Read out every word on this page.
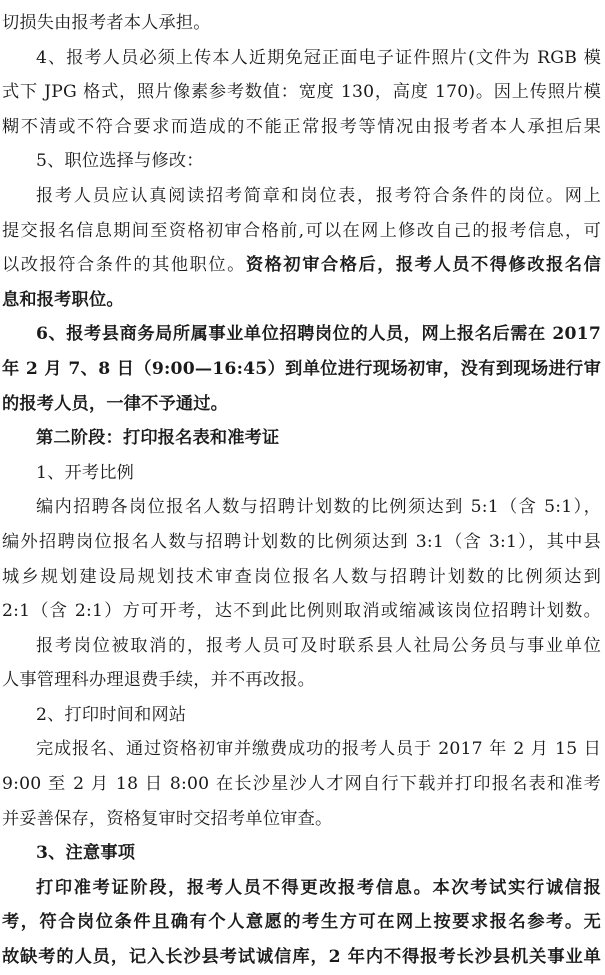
切损失由报考者本人承担。
4、报考人员必须上传本人近期免冠正面电子证件照片(文件为 RGB 模
式下 JPG 格式，照片像素参考数值：宽度 130，高度 170)。因上传照片模
糊不清或不符合要求而造成的不能正常报考等情况由报考者本人承担后果
5、职位选择与修改：
报考人员应认真阅读招考简章和岗位表，报考符合条件的岗位。网上
提交报名信息期间至资格初审合格前,可以在网上修改自己的报考信息，可
以改报符合条件的其他职位。资格初审合格后，报考人员不得修改报名信
息和报考职位。
6、报考县商务局所属事业单位招聘岗位的人员，网上报名后需在 2017
年 2 月 7、8 日（9:00—16:45）到单位进行现场初审，没有到现场进行审
的报考人员，一律不予通过。
第二阶段：打印报名表和准考证
1、开考比例
编内招聘各岗位报名人数与招聘计划数的比例须达到 5:1（含 5:1），
编外招聘岗位报名人数与招聘计划数的比例须达到 3:1（含 3:1），其中县
城乡规划建设局规划技术审查岗位报名人数与招聘计划数的比例须达到
2:1（含 2:1）方可开考，达不到此比例则取消或缩减该岗位招聘计划数。
报考岗位被取消的，报考人员可及时联系县人社局公务员与事业单位
人事管理科办理退费手续，并不再改报。
2、打印时间和网站
完成报名、通过资格初审并缴费成功的报考人员于 2017 年 2 月 15 日
9:00 至 2 月 18 日 8:00 在长沙星沙人才网自行下载并打印报名表和准考
并妥善保存，资格复审时交招考单位审查。
3、注意事项
打印准考证阶段，报考人员不得更改报考信息。本次考试实行诚信报
考，符合岗位条件且确有个人意愿的考生方可在网上按要求报名参考。无
故缺考的人员，记入长沙县考试诚信库，2 年内不得报考长沙县机关事业单
